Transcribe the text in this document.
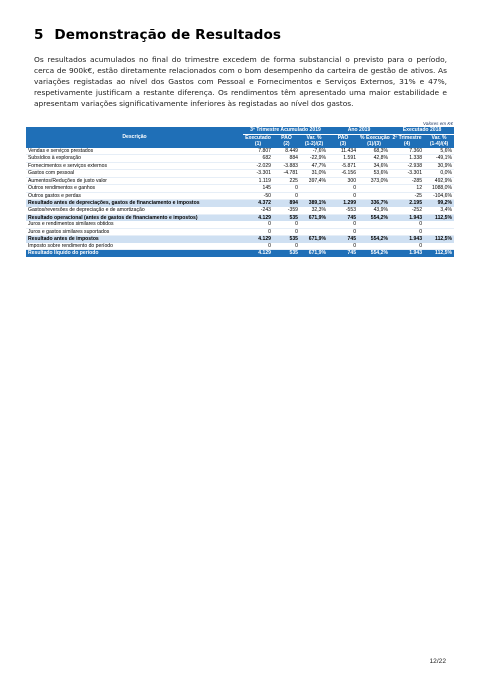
5 Demonstração de Resultados
Os resultados acumulados no final do trimestre excedem de forma substancial o previsto para o período, cerca de 900k€, estão diretamente relacionados com o bom desempenho da carteira de gestão de ativos. As variações registadas ao nível dos Gastos com Pessoal e Fornecimentos e Serviços Externos, 31% e 47%, respetivamente justificam a restante diferença. Os rendimentos têm apresentado uma maior estabilidade e apresentam variações significativamente inferiores às registadas ao nível dos gastos.
Valores em K€
Descrição	3º Trimestre Acumulado 2019			Ano 2019		Executado 2018	
	Executado	PAO	Var. %	PAO	% Execução	2º Trimestre	Var. %
	(1)	(2)	(1-2)/(2)	(3)	(1)/(3)	(4)	(1-4)/(4)
Vendas e serviços prestados	7.807	8.449	-7,6%	11.434	68,3%	7.360	5,6%
Subsídios à exploração	682	884	-22,9%	1.591	42,8%	1.338	-49,1%
Fornecimentos e serviços externos	-2.029	-3.883	47,7%	-5.871	34,6%	-2.938	30,9%
Gastos com pessoal	-3.301	-4.781	31,0%	-6.156	53,6%	-3.301	0,0%
Aumentos/Reduções de justo valor	1.119	225	397,4%	300	373,0%	-285	492,9%
Outros rendimentos e ganhos	145	0		0		12	1088,0%
Outros gastos e perdas	-50	0		0		-25	-104,6%
Resultado antes de depreciações, gastos de financiamento e impostos	4.372	894	389,1%	1.299	336,7%	2.195	99,2%
Gastos/reversões de depreciação e de amortização	-243	-359	32,3%	-553	43,9%	-252	3,4%
Resultado operacional (antes de gastos de financiamento e impostos)	4.129	535	671,9%	745	554,2%	1.943	112,5%
Juros e rendimentos similares obtidos	0	0		0		0	
Juros e gastos similares suportados	0	0		0		0	
Resultado antes de impostos	4.129	535	671,9%	745	554,2%	1.943	112,5%
Imposto sobre rendimento do período	0	0		0		0	
Resultado líquido do período	4.129	535	671,9%	745	554,2%	1.943	112,5%
12/22
